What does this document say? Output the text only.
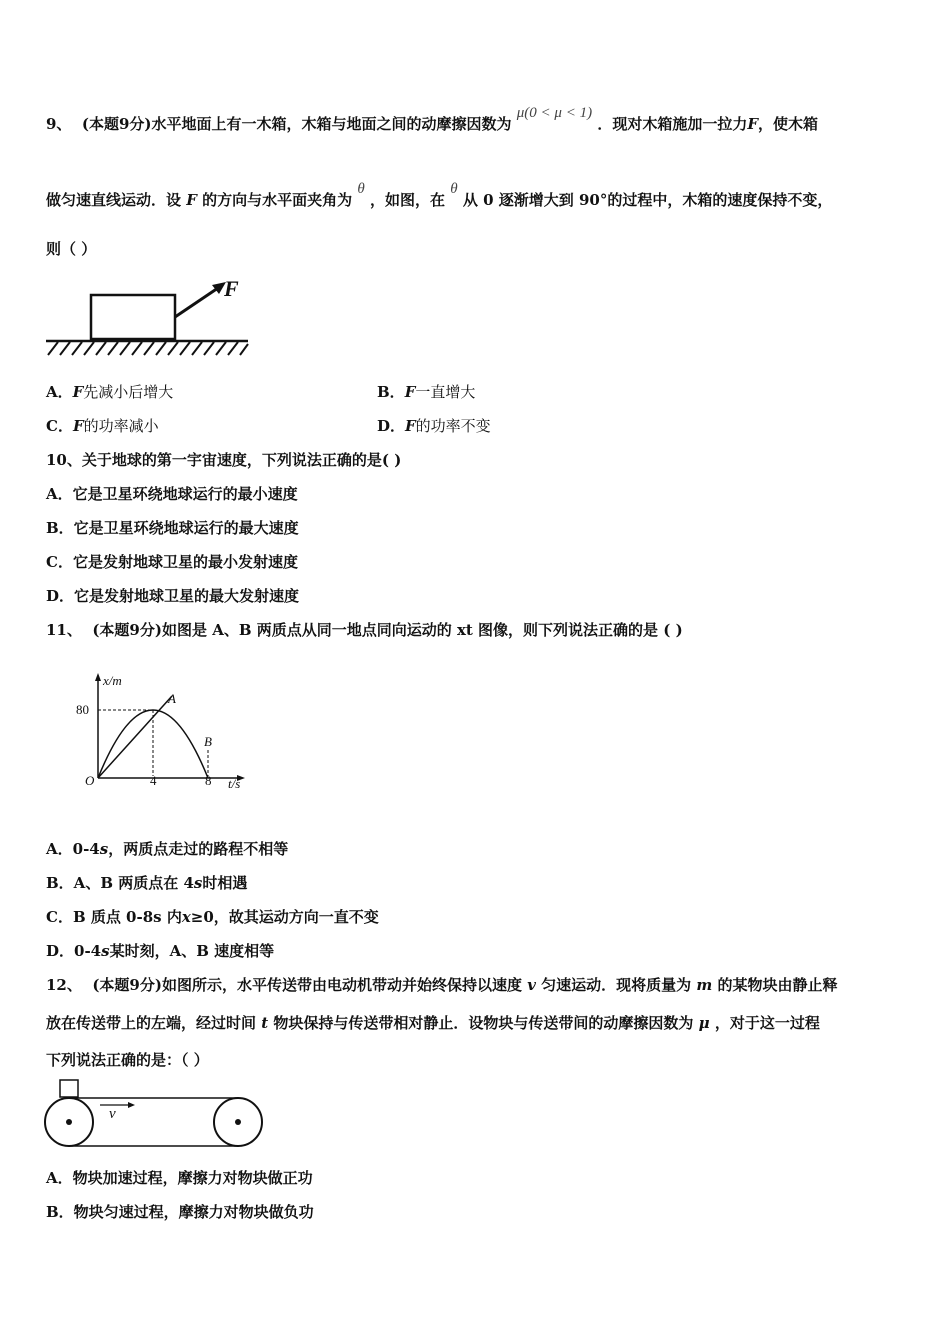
9、 (本题9分)水平地面上有一木箱，木箱与地面之间的动摩擦因数为 μ(0 < μ < 1) ．现对木箱施加一拉力F，使木箱
做匀速直线运动．设 F 的方向与水平面夹角为 θ ，如图，在 θ 从 0 逐渐增大到 90°的过程中，木箱的速度保持不变，
则（ ）
F
A．F先减小后增大	B．F一直增大
C．F的功率减小	D．F的功率不变
10、关于地球的第一宇宙速度，下列说法正确的是( )
A．它是卫星环绕地球运行的最小速度
B．它是卫星环绕地球运行的最大速度
C．它是发射地球卫星的最小发射速度
D．它是发射地球卫星的最大发射速度
11、 (本题9分)如图是 A、B 两质点从同一地点同向运动的 xt 图像，则下列说法正确的是 ( )
x/m
t/s
80
4	8
O
A
B
A．0-4s，两质点走过的路程不相等
B．A、B 两质点在 4s时相遇
C．B 质点 0-8s 内x≥0，故其运动方向一直不变
D．0-4s某时刻，A、B 速度相等
12、 (本题9分)如图所示，水平传送带由电动机带动并始终保持以速度 v 匀速运动．现将质量为 m 的某物块由静止释
放在传送带上的左端，经过时间 t 物块保持与传送带相对静止．设物块与传送带间的动摩擦因数为 μ ，对于这一过程
下列说法正确的是：（ ）
v
A．物块加速过程，摩擦力对物块做正功
B．物块匀速过程，摩擦力对物块做负功
